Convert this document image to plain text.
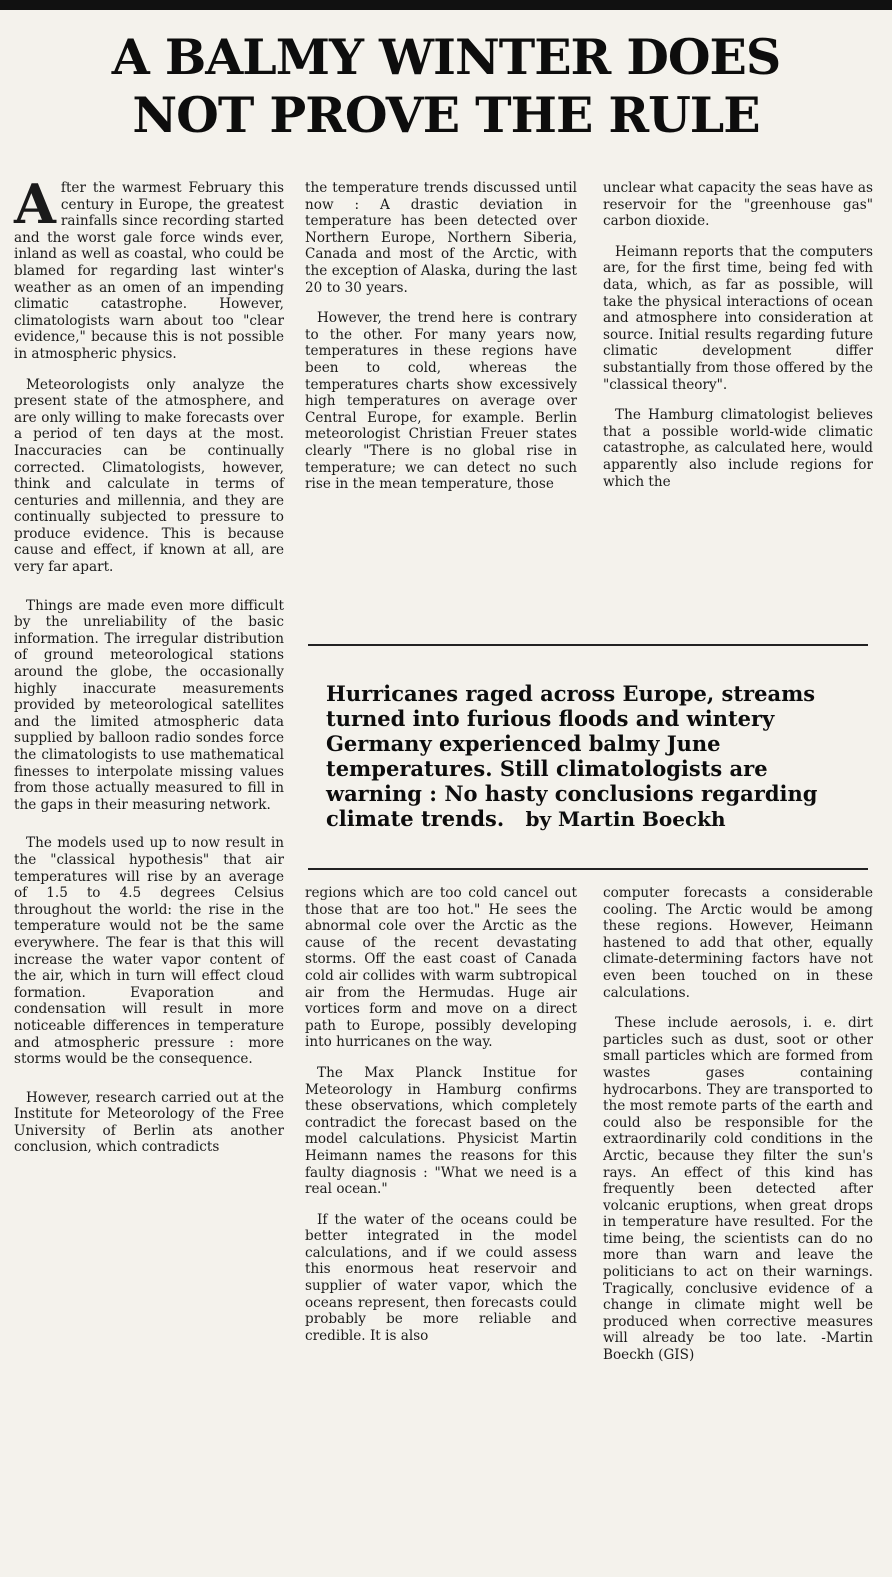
A BALMY WINTER DOES
NOT PROVE THE RULE

After the warmest February this century in Europe, the greatest rainfalls since recording started and the worst gale force winds ever, inland as well as coastal, who could be blamed for regarding last winter's weather as an omen of an impending climatic catastrophe. However, climatologists warn about too "clear evidence," because this is not possible in atmospheric physics.

Meteorologists only analyze the present state of the atmosphere, and are only willing to make forecasts over a period of ten days at the most. Inaccuracies can be continually corrected. Climatologists, however, think and calculate in terms of centuries and millennia, and they are continually subjected to pressure to produce evidence. This is because cause and effect, if known at all, are very far apart.

Things are made even more difficult by the unreliability of the basic information. The irregular distribution of ground meteorological stations around the globe, the occasionally highly inaccurate measurements provided by meteorological satellites and the limited atmospheric data supplied by balloon radio sondes force the climatologists to use mathematical finesses to interpolate missing values from those actually measured to fill in the gaps in their measuring network.

The models used up to now result in the "classical hypothesis" that air temperatures will rise by an average of 1.5 to 4.5 degrees Celsius throughout the world: the rise in the temperature would not be the same everywhere. The fear is that this will increase the water vapor content of the air, which in turn will effect cloud formation. Evaporation and condensation will result in more noticeable differences in temperature and atmospheric pressure : more storms would be the consequence.

However, research carried out at the Institute for Meteorology of the Free University of Berlin ats another conclusion, which contradicts

the temperature trends discussed until now : A drastic deviation in temperature has been detected over Northern Europe, Northern Siberia, Canada and most of the Arctic, with the exception of Alaska, during the last 20 to 30 years.

However, the trend here is contrary to the other. For many years now, temperatures in these regions have been to cold, whereas the temperatures charts show excessively high temperatures on average over Central Europe, for example. Berlin meteorologist Christian Freuer states clearly "There is no global rise in temperature; we can detect no such rise in the mean temperature, those

unclear what capacity the seas have as reservoir for the "greenhouse gas" carbon dioxide.

Heimann reports that the computers are, for the first time, being fed with data, which, as far as possible, will take the physical interactions of ocean and atmosphere into consideration at source. Initial results regarding future climatic development differ substantially from those offered by the "classical theory".

The Hamburg climatologist believes that a possible world-wide climatic catastrophe, as calculated here, would apparently also include regions for which the

Hurricanes raged across Europe, streams turned into furious floods and wintery Germany experienced balmy June temperatures. Still climatologists are warning : No hasty conclusions regarding climate trends. by Martin Boeckh

regions which are too cold cancel out those that are too hot." He sees the abnormal cole over the Arctic as the cause of the recent devastating storms. Off the east coast of Canada cold air collides with warm subtropical air from the Hermudas. Huge air vortices form and move on a direct path to Europe, possibly developing into hurricanes on the way.

The Max Planck Institue for Meteorology in Hamburg confirms these observations, which completely contradict the forecast based on the model calculations. Physicist Martin Heimann names the reasons for this faulty diagnosis : "What we need is a real ocean."

If the water of the oceans could be better integrated in the model calculations, and if we could assess this enormous heat reservoir and supplier of water vapor, which the oceans represent, then forecasts could probably be more reliable and credible. It is also

computer forecasts a considerable cooling. The Arctic would be among these regions. However, Heimann hastened to add that other, equally climate-determining factors have not even been touched on in these calculations.

These include aerosols, i. e. dirt particles such as dust, soot or other small particles which are formed from wastes gases containing hydrocarbons. They are transported to the most remote parts of the earth and could also be responsible for the extraordinarily cold conditions in the Arctic, because they filter the sun's rays. An effect of this kind has frequently been detected after volcanic eruptions, when great drops in temperature have resulted. For the time being, the scientists can do no more than warn and leave the politicians to act on their warnings. Tragically, conclusive evidence of a change in climate might well be produced when corrective measures will already be too late. -Martin Boeckh (GIS)
